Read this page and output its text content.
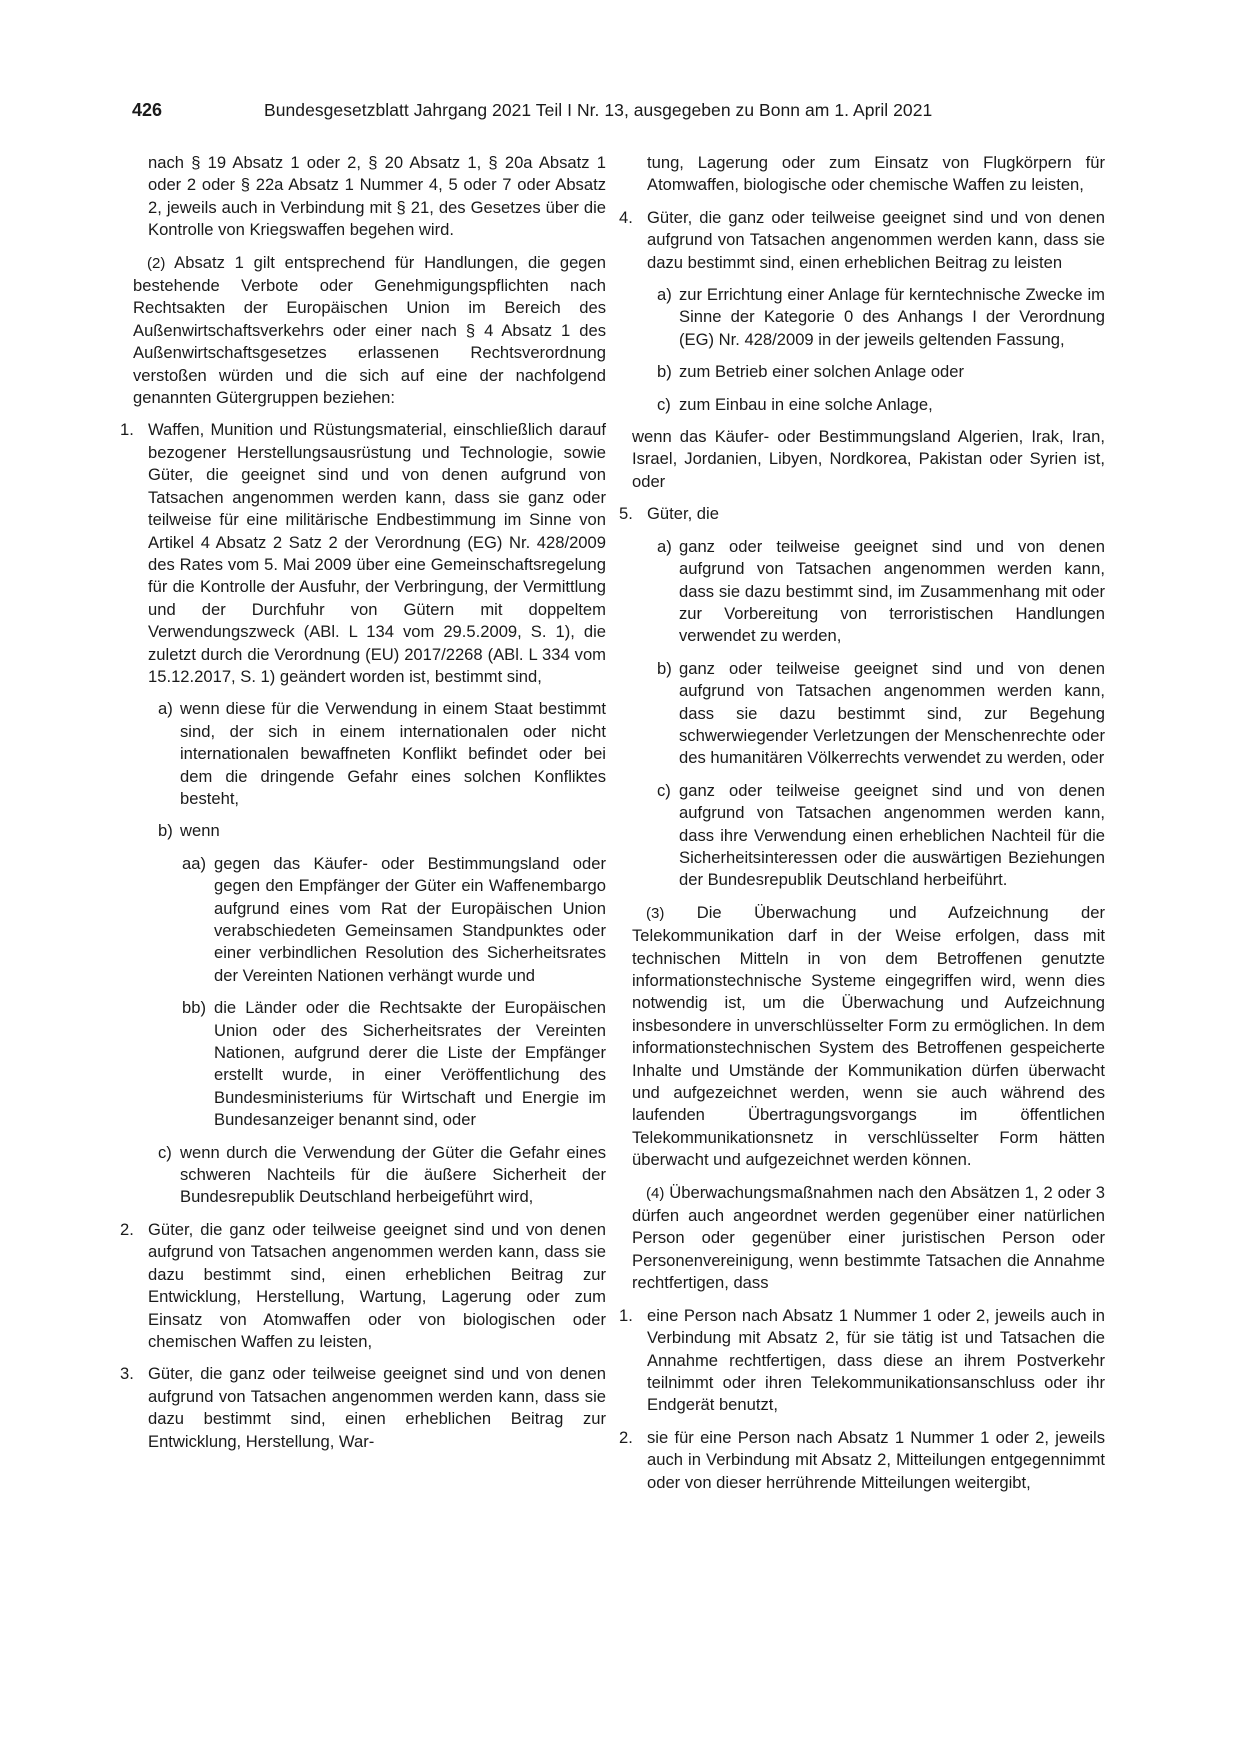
426	Bundesgesetzblatt Jahrgang 2021 Teil I Nr. 13, ausgegeben zu Bonn am 1. April 2021
nach § 19 Absatz 1 oder 2, § 20 Absatz 1, § 20a Absatz 1 oder 2 oder § 22a Absatz 1 Nummer 4, 5 oder 7 oder Absatz 2, jeweils auch in Verbindung mit § 21, des Gesetzes über die Kontrolle von Kriegswaffen begehen wird.
(2) Absatz 1 gilt entsprechend für Handlungen, die gegen bestehende Verbote oder Genehmigungspflichten nach Rechtsakten der Europäischen Union im Bereich des Außenwirtschaftsverkehrs oder einer nach § 4 Absatz 1 des Außenwirtschaftsgesetzes erlassenen Rechtsverordnung verstoßen würden und die sich auf eine der nachfolgend genannten Gütergruppen beziehen:
1. Waffen, Munition und Rüstungsmaterial, einschließlich darauf bezogener Herstellungsausrüstung und Technologie, sowie Güter, die geeignet sind und von denen aufgrund von Tatsachen angenommen werden kann, dass sie ganz oder teilweise für eine militärische Endbestimmung im Sinne von Artikel 4 Absatz 2 Satz 2 der Verordnung (EG) Nr. 428/2009 des Rates vom 5. Mai 2009 über eine Gemeinschaftsregelung für die Kontrolle der Ausfuhr, der Verbringung, der Vermittlung und der Durchfuhr von Gütern mit doppeltem Verwendungszweck (ABl. L 134 vom 29.5.2009, S. 1), die zuletzt durch die Verordnung (EU) 2017/2268 (ABl. L 334 vom 15.12.2017, S. 1) geändert worden ist, bestimmt sind,
a) wenn diese für die Verwendung in einem Staat bestimmt sind, der sich in einem internationalen oder nicht internationalen bewaffneten Konflikt befindet oder bei dem die dringende Gefahr eines solchen Konfliktes besteht,
b) wenn
aa) gegen das Käufer- oder Bestimmungsland oder gegen den Empfänger der Güter ein Waffenembargo aufgrund eines vom Rat der Europäischen Union verabschiedeten Gemeinsamen Standpunktes oder einer verbindlichen Resolution des Sicherheitsrates der Vereinten Nationen verhängt wurde und
bb) die Länder oder die Rechtsakte der Europäischen Union oder des Sicherheitsrates der Vereinten Nationen, aufgrund derer die Liste der Empfänger erstellt wurde, in einer Veröffentlichung des Bundesministeriums für Wirtschaft und Energie im Bundesanzeiger benannt sind, oder
c) wenn durch die Verwendung der Güter die Gefahr eines schweren Nachteils für die äußere Sicherheit der Bundesrepublik Deutschland herbeigeführt wird,
2. Güter, die ganz oder teilweise geeignet sind und von denen aufgrund von Tatsachen angenommen werden kann, dass sie dazu bestimmt sind, einen erheblichen Beitrag zur Entwicklung, Herstellung, Wartung, Lagerung oder zum Einsatz von Atomwaffen oder von biologischen oder chemischen Waffen zu leisten,
3. Güter, die ganz oder teilweise geeignet sind und von denen aufgrund von Tatsachen angenommen werden kann, dass sie dazu bestimmt sind, einen erheblichen Beitrag zur Entwicklung, Herstellung, War-
tung, Lagerung oder zum Einsatz von Flugkörpern für Atomwaffen, biologische oder chemische Waffen zu leisten,
4. Güter, die ganz oder teilweise geeignet sind und von denen aufgrund von Tatsachen angenommen werden kann, dass sie dazu bestimmt sind, einen erheblichen Beitrag zu leisten
a) zur Errichtung einer Anlage für kerntechnische Zwecke im Sinne der Kategorie 0 des Anhangs I der Verordnung (EG) Nr. 428/2009 in der jeweils geltenden Fassung,
b) zum Betrieb einer solchen Anlage oder
c) zum Einbau in eine solche Anlage,
wenn das Käufer- oder Bestimmungsland Algerien, Irak, Iran, Israel, Jordanien, Libyen, Nordkorea, Pakistan oder Syrien ist, oder
5. Güter, die
a) ganz oder teilweise geeignet sind und von denen aufgrund von Tatsachen angenommen werden kann, dass sie dazu bestimmt sind, im Zusammenhang mit oder zur Vorbereitung von terroristischen Handlungen verwendet zu werden,
b) ganz oder teilweise geeignet sind und von denen aufgrund von Tatsachen angenommen werden kann, dass sie dazu bestimmt sind, zur Begehung schwerwiegender Verletzungen der Menschenrechte oder des humanitären Völkerrechts verwendet zu werden, oder
c) ganz oder teilweise geeignet sind und von denen aufgrund von Tatsachen angenommen werden kann, dass ihre Verwendung einen erheblichen Nachteil für die Sicherheitsinteressen oder die auswärtigen Beziehungen der Bundesrepublik Deutschland herbeiführt.
(3) Die Überwachung und Aufzeichnung der Telekommunikation darf in der Weise erfolgen, dass mit technischen Mitteln in von dem Betroffenen genutzte informationstechnische Systeme eingegriffen wird, wenn dies notwendig ist, um die Überwachung und Aufzeichnung insbesondere in unverschlüsselter Form zu ermöglichen. In dem informationstechnischen System des Betroffenen gespeicherte Inhalte und Umstände der Kommunikation dürfen überwacht und aufgezeichnet werden, wenn sie auch während des laufenden Übertragungsvorgangs im öffentlichen Telekommunikationsnetz in verschlüsselter Form hätten überwacht und aufgezeichnet werden können.
(4) Überwachungsmaßnahmen nach den Absätzen 1, 2 oder 3 dürfen auch angeordnet werden gegenüber einer natürlichen Person oder gegenüber einer juristischen Person oder Personenvereinigung, wenn bestimmte Tatsachen die Annahme rechtfertigen, dass
1. eine Person nach Absatz 1 Nummer 1 oder 2, jeweils auch in Verbindung mit Absatz 2, für sie tätig ist und Tatsachen die Annahme rechtfertigen, dass diese an ihrem Postverkehr teilnimmt oder ihren Telekommunikationsanschluss oder ihr Endgerät benutzt,
2. sie für eine Person nach Absatz 1 Nummer 1 oder 2, jeweils auch in Verbindung mit Absatz 2, Mitteilungen entgegennimmt oder von dieser herrührende Mitteilungen weitergibt,
